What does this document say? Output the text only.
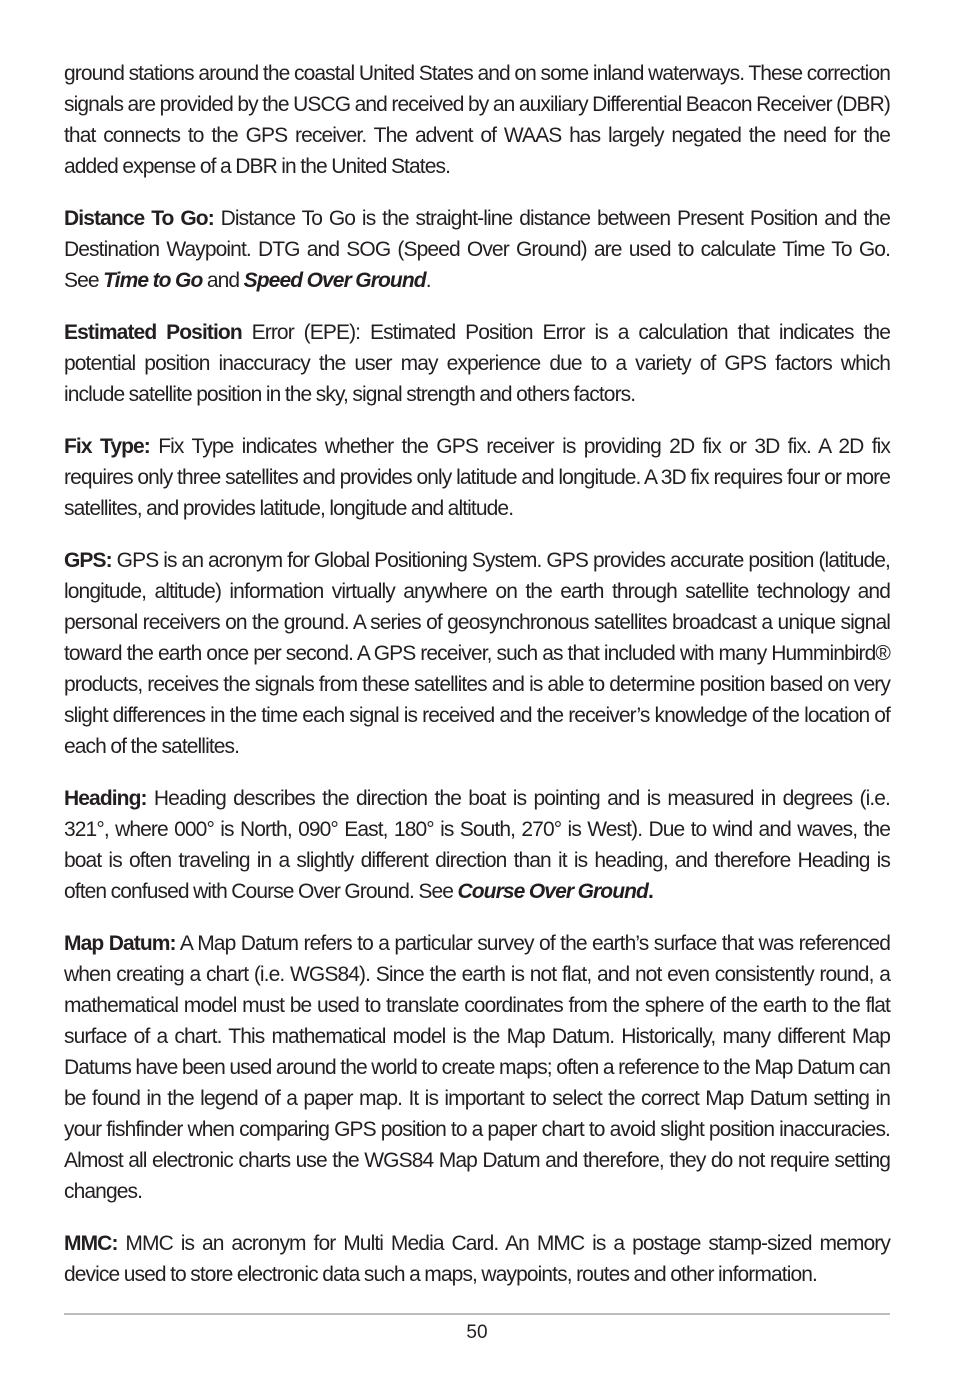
ground stations around the coastal United States and on some inland waterways. These correction signals are provided by the USCG and received by an auxiliary Differential Beacon Receiver (DBR) that connects to the GPS receiver. The advent of WAAS has largely negated the need for the added expense of a DBR in the United States.

Distance To Go: Distance To Go is the straight-line distance between Present Position and the Destination Waypoint. DTG and SOG (Speed Over Ground) are used to calculate Time To Go. See Time to Go and Speed Over Ground.

Estimated Position Error (EPE): Estimated Position Error is a calculation that indicates the potential position inaccuracy the user may experience due to a variety of GPS factors which include satellite position in the sky, signal strength and others factors.

Fix Type: Fix Type indicates whether the GPS receiver is providing 2D fix or 3D fix. A 2D fix requires only three satellites and provides only latitude and longitude. A 3D fix requires four or more satellites, and provides latitude, longitude and altitude.

GPS: GPS is an acronym for Global Positioning System. GPS provides accurate position (latitude, longitude, altitude) information virtually anywhere on the earth through satellite technology and personal receivers on the ground. A series of geosynchronous satellites broadcast a unique signal toward the earth once per second. A GPS receiver, such as that included with many Humminbird® products, receives the signals from these satellites and is able to determine position based on very slight differences in the time each signal is received and the receiver’s knowledge of the location of each of the satellites.

Heading: Heading describes the direction the boat is pointing and is measured in degrees (i.e. 321°, where 000° is North, 090° East, 180° is South, 270° is West). Due to wind and waves, the boat is often traveling in a slightly different direction than it is heading, and therefore Heading is often confused with Course Over Ground. See Course Over Ground.

Map Datum: A Map Datum refers to a particular survey of the earth’s surface that was referenced when creating a chart (i.e. WGS84). Since the earth is not flat, and not even consistently round, a mathematical model must be used to translate coordinates from the sphere of the earth to the flat surface of a chart. This mathematical model is the Map Datum. Historically, many different Map Datums have been used around the world to create maps; often a reference to the Map Datum can be found in the legend of a paper map. It is important to select the correct Map Datum setting in your fishfinder when comparing GPS position to a paper chart to avoid slight position inaccuracies. Almost all electronic charts use the WGS84 Map Datum and therefore, they do not require setting changes.

MMC: MMC is an acronym for Multi Media Card. An MMC is a postage stamp-sized memory device used to store electronic data such a maps, waypoints, routes and other information.

50
